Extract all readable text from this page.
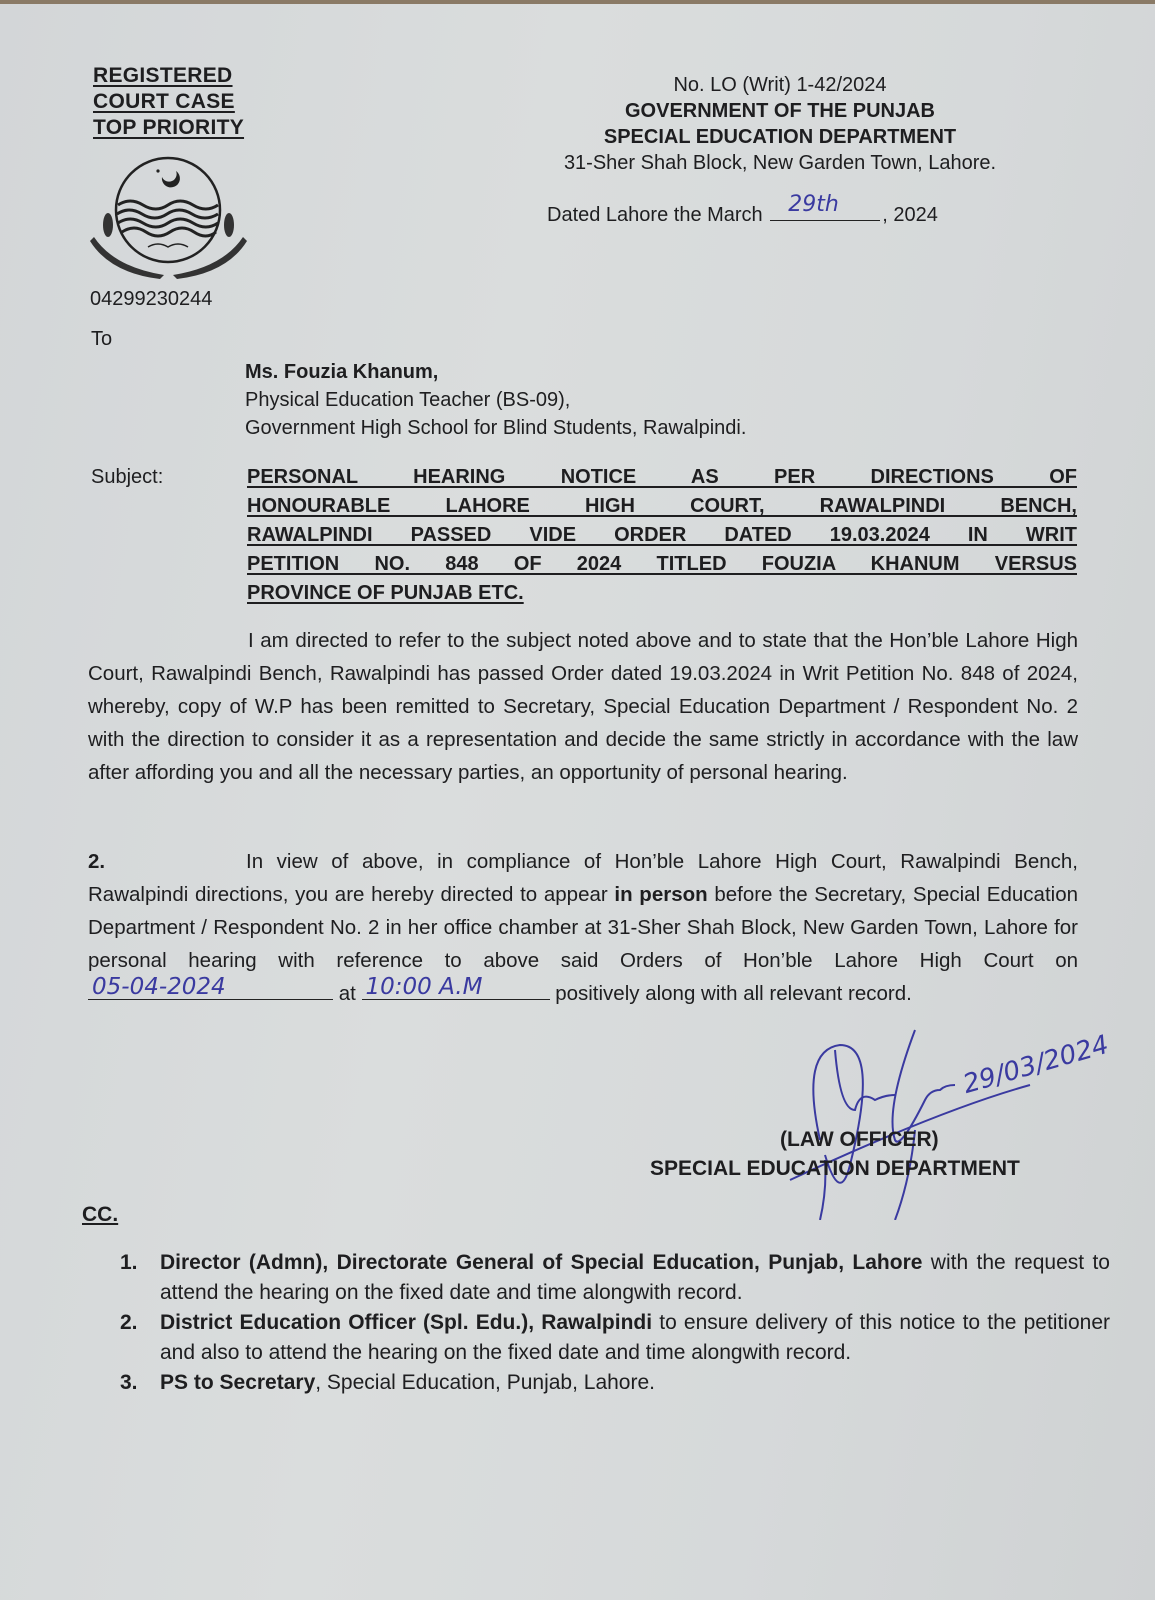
REGISTERED
COURT CASE
TOP PRIORITY
04299230244
No. LO (Writ) 1-42/2024
GOVERNMENT OF THE PUNJAB
SPECIAL EDUCATION DEPARTMENT
31-Sher Shah Block, New Garden Town, Lahore.
Dated Lahore the March 29th , 2024
To
Ms. Fouzia Khanum,
Physical Education Teacher (BS-09),
Government High School for Blind Students, Rawalpindi.
Subject:	PERSONAL HEARING NOTICE AS PER DIRECTIONS OF
HONOURABLE LAHORE HIGH COURT, RAWALPINDI BENCH,
RAWALPINDI PASSED VIDE ORDER DATED 19.03.2024 IN WRIT
PETITION NO. 848 OF 2024 TITLED FOUZIA KHANUM VERSUS
PROVINCE OF PUNJAB ETC.
I am directed to refer to the subject noted above and to state that the Hon’ble Lahore High Court, Rawalpindi Bench, Rawalpindi has passed Order dated 19.03.2024 in Writ Petition No. 848 of 2024, whereby, copy of W.P has been remitted to Secretary, Special Education Department / Respondent No. 2 with the direction to consider it as a representation and decide the same strictly in accordance with the law after affording you and all the necessary parties, an opportunity of personal hearing.
2.	In view of above, in compliance of Hon’ble Lahore High Court, Rawalpindi Bench, Rawalpindi directions, you are hereby directed to appear in person before the Secretary, Special Education Department / Respondent No. 2 in her office chamber at 31-Sher Shah Block, New Garden Town, Lahore for personal hearing with reference to above said Orders of Hon’ble Lahore High Court on
05-04-2024	at 10:00 A.M	positively along with all relevant record.
29/03/2024
(LAW OFFICER)
SPECIAL EDUCATION DEPARTMENT
CC.
1.	Director (Admn), Directorate General of Special Education, Punjab, Lahore with the request to attend the hearing on the fixed date and time alongwith record.
2.	District Education Officer (Spl. Edu.), Rawalpindi to ensure delivery of this notice to the petitioner and also to attend the hearing on the fixed date and time alongwith record.
3.	PS to Secretary, Special Education, Punjab, Lahore.
